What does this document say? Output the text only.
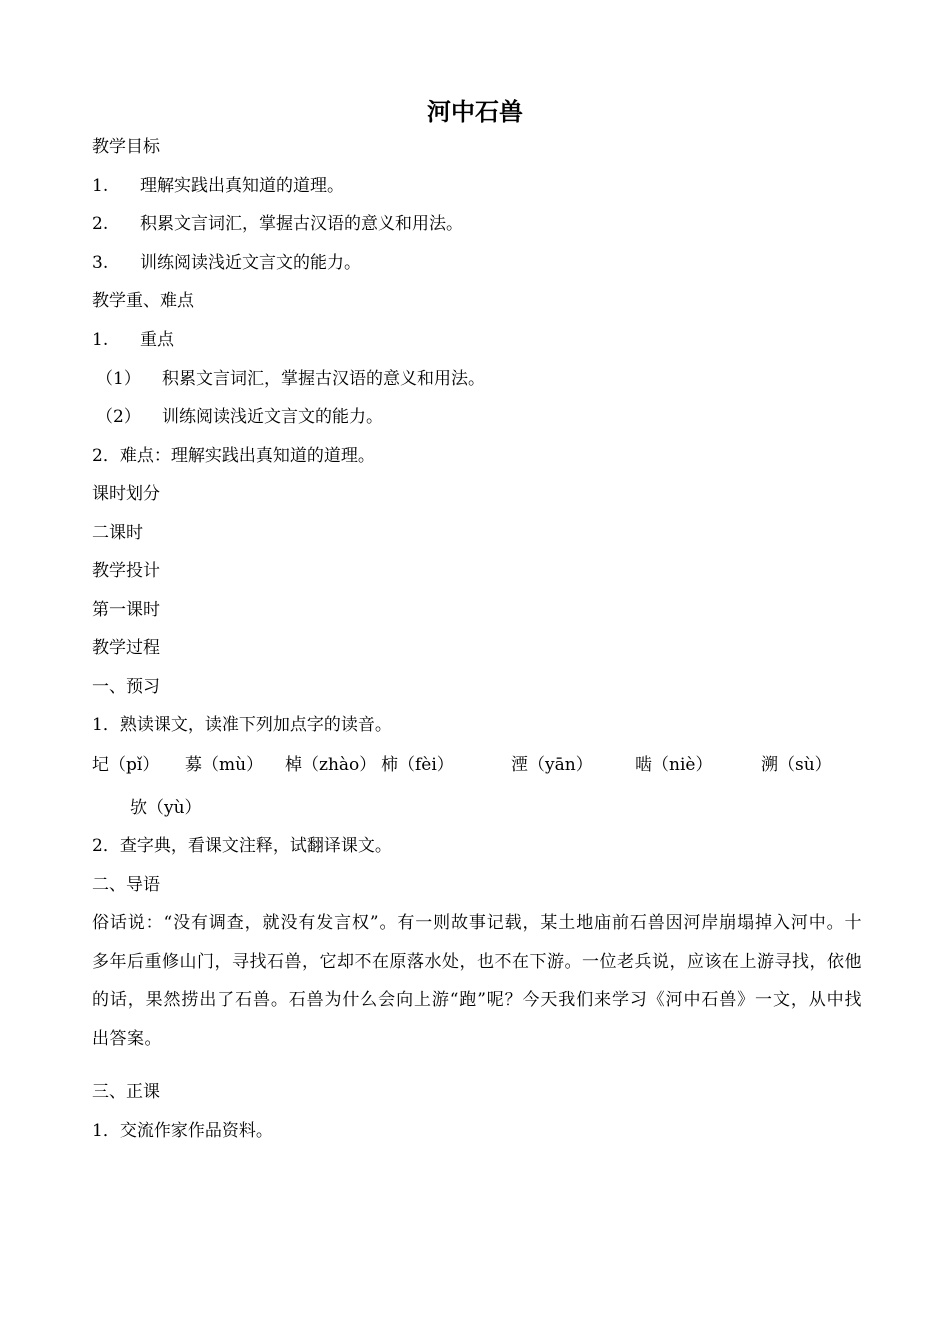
河中石兽
教学目标
1. 理解实践出真知道的道理。
2. 积累文言词汇，掌握古汉语的意义和用法。
3. 训练阅读浅近文言文的能力。
教学重、难点
1. 重点
（1） 积累文言词汇，掌握古汉语的意义和用法。
（2） 训练阅读浅近文言文的能力。
2．难点：理解实践出真知道的道理。
课时划分
二课时
教学投计
第一课时
教学过程
一、预习
1．熟读课文，读准下列加点字的读音。
圮（pǐ） 募（mù） 棹（zhào） 柿（fèi）	湮（yān） 啮（niè）	溯（sù）
欤（yù）
2．查字典，看课文注释，试翻译课文。
二、导语
俗话说：“没有调查，就没有发言权”。有一则故事记载，某土地庙前石兽因河岸崩塌掉入河中。十多年后重修山门，寻找石兽，它却不在原落水处，也不在下游。一位老兵说，应该在上游寻找，依他的话，果然捞出了石兽。石兽为什么会向上游“跑”呢？今天我们来学习《河中石兽》一文，从中找出答案。
三、正课
1．交流作家作品资料。
